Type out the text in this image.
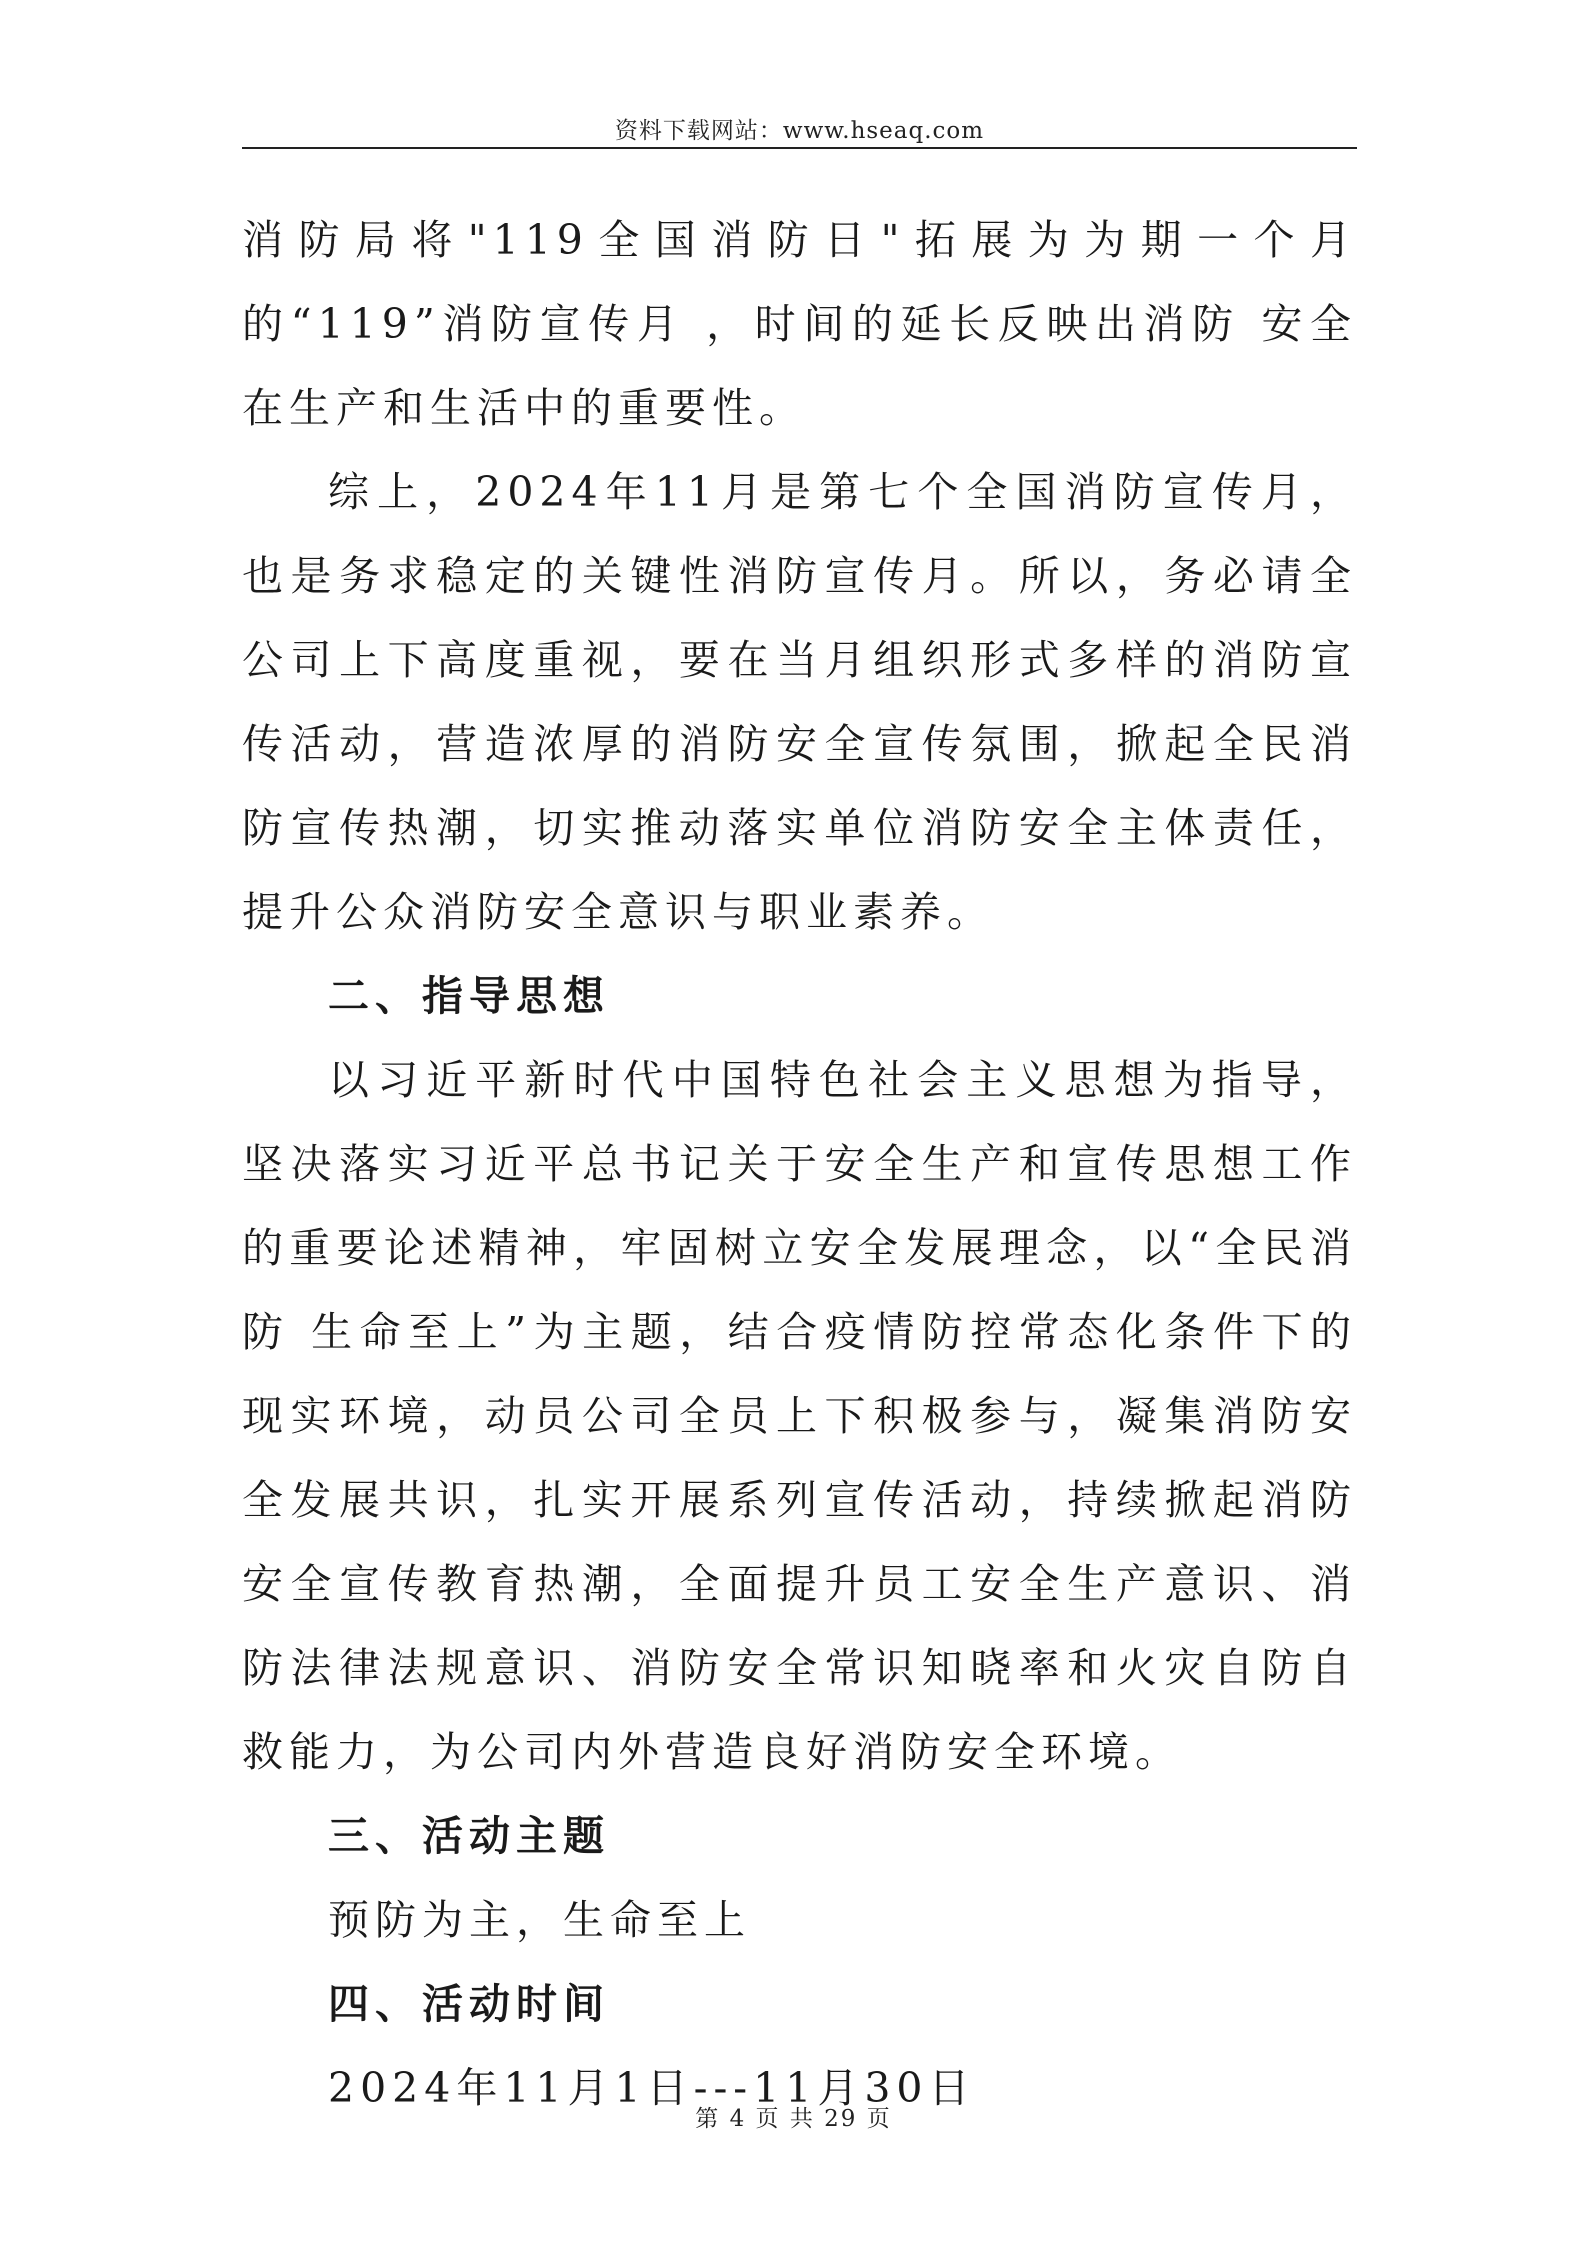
资料下载网站：www.hseaq.com

消防局将"119全国消防日"拓展为为期一个月的“119”消防宣传月 ，时间的延长反映出消防 安全在生产和生活中的重要性。

综上，2024年11月是第七个全国消防宣传月，也是务求稳定的关键性消防宣传月。所以，务必请全公司上下高度重视，要在当月组织形式多样的消防宣传活动，营造浓厚的消防安全宣传氛围，掀起全民消防宣传热潮，切实推动落实单位消防安全主体责任，提升公众消防安全意识与职业素养。

二、指导思想

以习近平新时代中国特色社会主义思想为指导，坚决落实习近平总书记关于安全生产和宣传思想工作的重要论述精神，牢固树立安全发展理念，以“全民消防 生命至上”为主题，结合疫情防控常态化条件下的现实环境，动员公司全员上下积极参与，凝集消防安全发展共识，扎实开展系列宣传活动，持续掀起消防安全宣传教育热潮，全面提升员工安全生产意识、消防法律法规意识、消防安全常识知晓率和火灾自防自救能力，为公司内外营造良好消防安全环境。

三、活动主题

预防为主，生命至上

四、活动时间

2024年11月1日---11月30日

第 4 页 共 29 页
